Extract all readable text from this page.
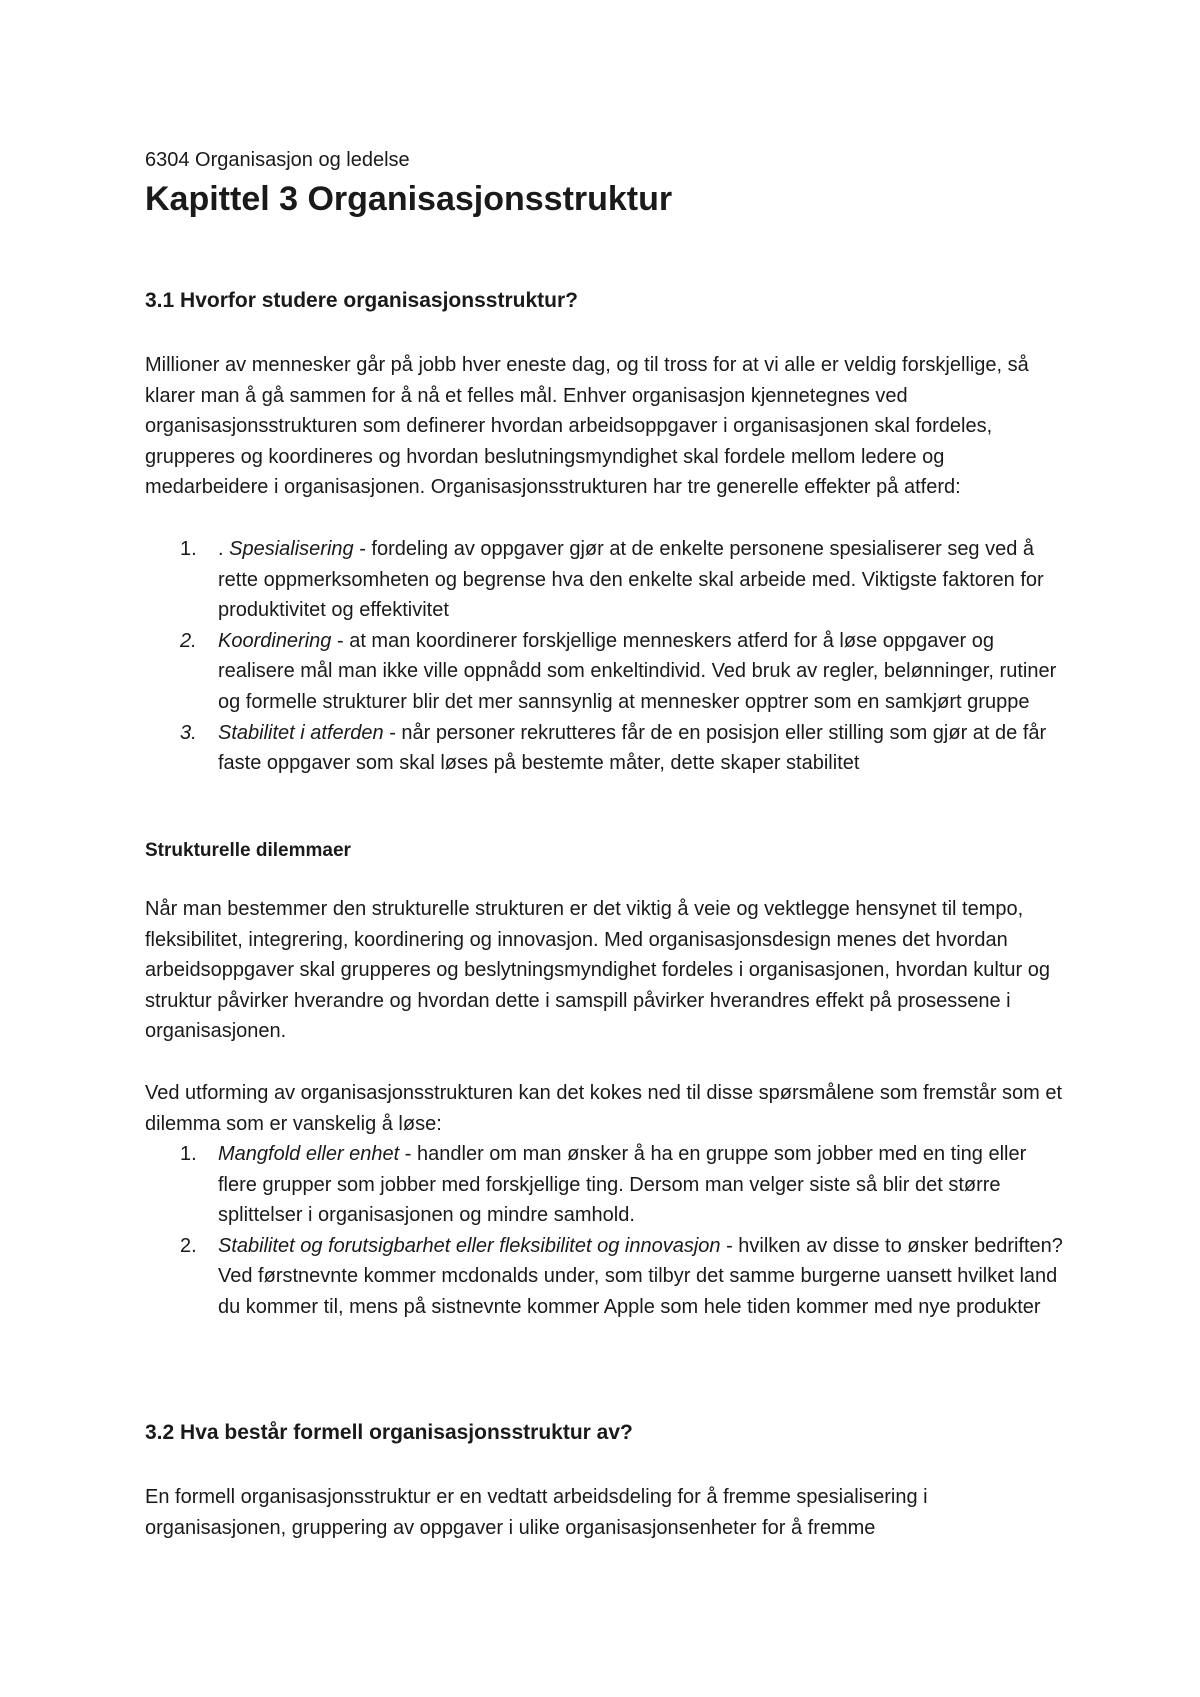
6304 Organisasjon og ledelse

Kapittel 3 Organisasjonsstruktur
3.1 Hvorfor studere organisasjonsstruktur?

Millioner av mennesker går på jobb hver eneste dag, og til tross for at vi alle er veldig forskjellige, så klarer man å gå sammen for å nå et felles mål. Enhver organisasjon kjennetegnes ved organisasjonsstrukturen som definerer hvordan arbeidsoppgaver i organisasjonen skal fordeles, grupperes og koordineres og hvordan beslutningsmyndighet skal fordele mellom ledere og medarbeidere i organisasjonen. Organisasjonsstrukturen har tre generelle effekter på atferd:

1.	. Spesialisering - fordeling av oppgaver gjør at de enkelte personene spesialiserer seg ved å rette oppmerksomheten og begrense hva den enkelte skal arbeide med. Viktigste faktoren for produktivitet og effektivitet
2.	Koordinering - at man koordinerer forskjellige menneskers atferd for å løse oppgaver og realisere mål man ikke ville oppnådd som enkeltindivid. Ved bruk av regler, belønninger, rutiner og formelle strukturer blir det mer sannsynlig at mennesker opptrer som en samkjørt gruppe
3.	Stabilitet i atferden - når personer rekrutteres får de en posisjon eller stilling som gjør at de får faste oppgaver som skal løses på bestemte måter, dette skaper stabilitet
Strukturelle dilemmaer

Når man bestemmer den strukturelle strukturen er det viktig å veie og vektlegge hensynet til tempo, fleksibilitet, integrering, koordinering og innovasjon. Med organisasjonsdesign menes det hvordan arbeidsoppgaver skal grupperes og beslytningsmyndighet fordeles i organisasjonen, hvordan kultur og struktur påvirker hverandre og hvordan dette i samspill påvirker hverandres effekt på prosessene i organisasjonen.

Ved utforming av organisasjonsstrukturen kan det kokes ned til disse spørsmålene som fremstår som et dilemma som er vanskelig å løse:

1.	Mangfold eller enhet - handler om man ønsker å ha en gruppe som jobber med en ting eller flere grupper som jobber med forskjellige ting. Dersom man velger siste så blir det større splittelser i organisasjonen og mindre samhold.
2.	Stabilitet og forutsigbarhet eller fleksibilitet og innovasjon - hvilken av disse to ønsker bedriften? Ved førstnevnte kommer mcdonalds under, som tilbyr det samme burgerne uansett hvilket land du kommer til, mens på sistnevnte kommer Apple som hele tiden kommer med nye produkter
3.2 Hva består formell organisasjonsstruktur av?

En formell organisasjonsstruktur er en vedtatt arbeidsdeling for å fremme spesialisering i organisasjonen, gruppering av oppgaver i ulike organisasjonsenheter for å fremme
